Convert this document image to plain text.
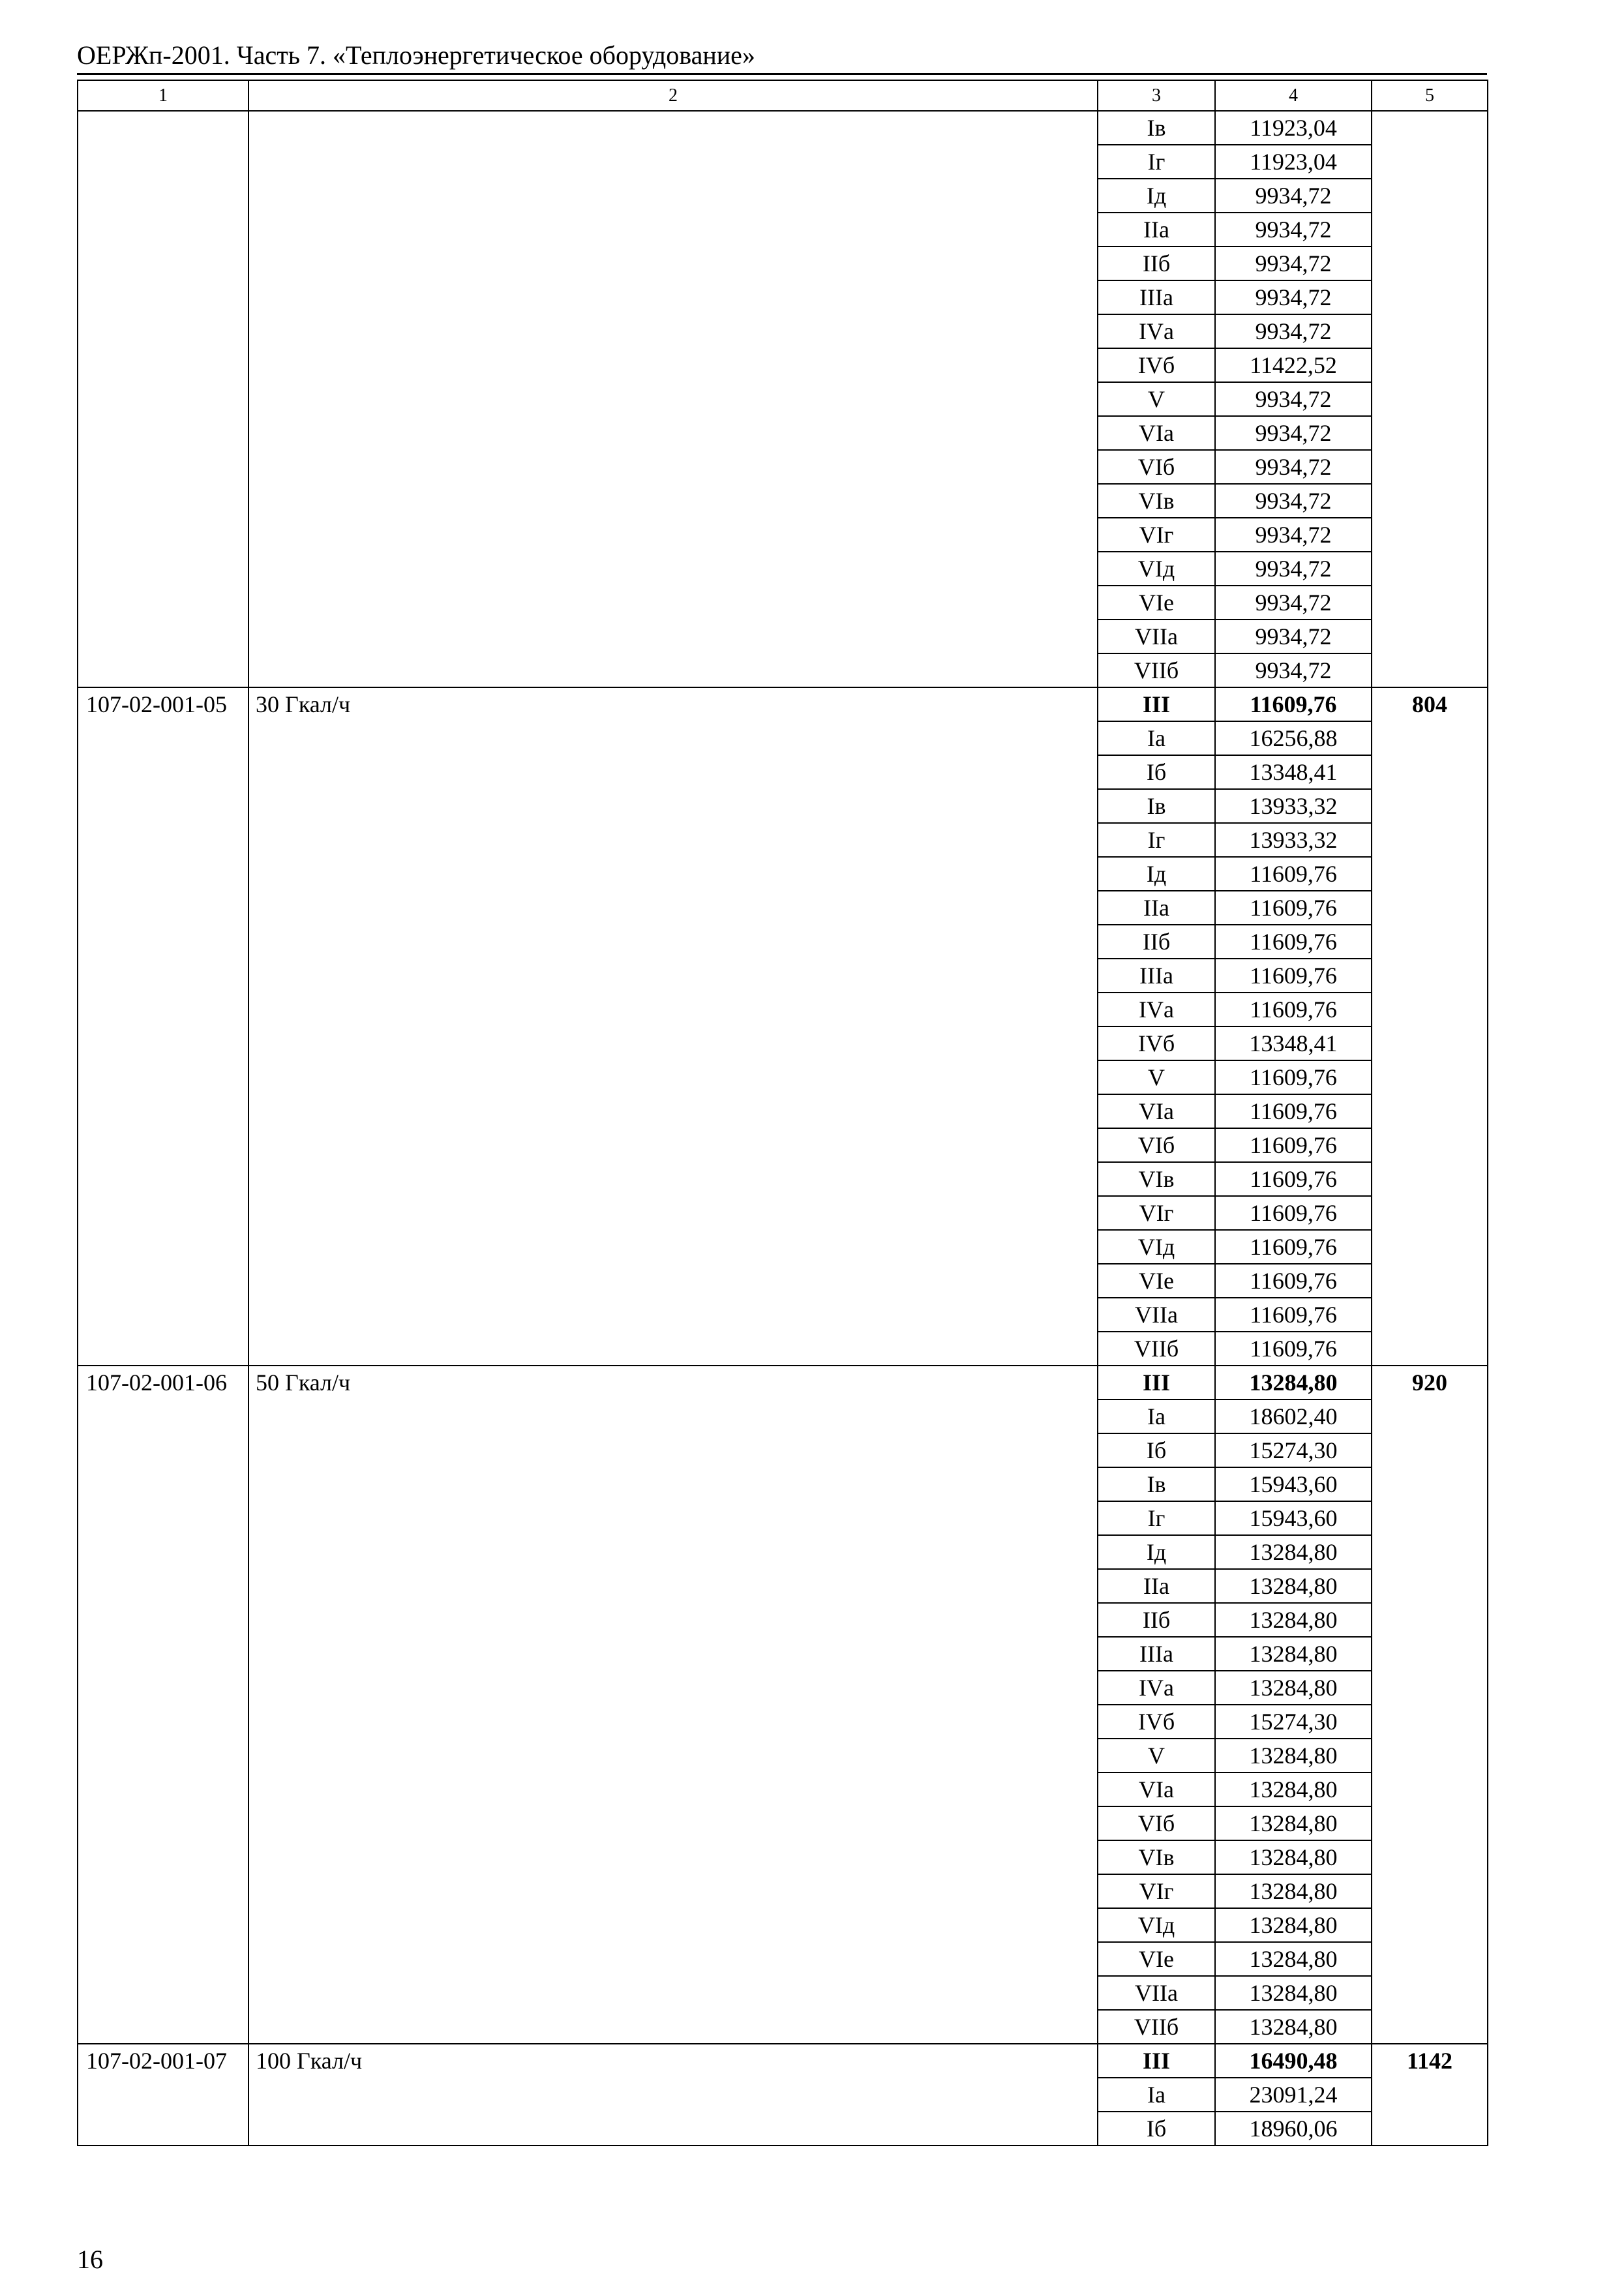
ОЕРЖп-2001. Часть 7. «Теплоэнергетическое оборудование»
1	2	3	4	5
		Iв	11923,04	
		Iг	11923,04	
		Iд	9934,72	
		IIа	9934,72	
		IIб	9934,72	
		IIIа	9934,72	
		IVа	9934,72	
		IVб	11422,52	
		V	9934,72	
		VIа	9934,72	
		VIб	9934,72	
		VIв	9934,72	
		VIг	9934,72	
		VIд	9934,72	
		VIе	9934,72	
		VIIа	9934,72	
		VIIб	9934,72	
107-02-001-05	30 Гкал/ч	III	11609,76	804
		Iа	16256,88	
		Iб	13348,41	
		Iв	13933,32	
		Iг	13933,32	
		Iд	11609,76	
		IIа	11609,76	
		IIб	11609,76	
		IIIа	11609,76	
		IVа	11609,76	
		IVб	13348,41	
		V	11609,76	
		VIа	11609,76	
		VIб	11609,76	
		VIв	11609,76	
		VIг	11609,76	
		VIд	11609,76	
		VIе	11609,76	
		VIIа	11609,76	
		VIIб	11609,76	
107-02-001-06	50 Гкал/ч	III	13284,80	920
		Iа	18602,40	
		Iб	15274,30	
		Iв	15943,60	
		Iг	15943,60	
		Iд	13284,80	
		IIа	13284,80	
		IIб	13284,80	
		IIIа	13284,80	
		IVа	13284,80	
		IVб	15274,30	
		V	13284,80	
		VIа	13284,80	
		VIб	13284,80	
		VIв	13284,80	
		VIг	13284,80	
		VIд	13284,80	
		VIе	13284,80	
		VIIа	13284,80	
		VIIб	13284,80	
107-02-001-07	100 Гкал/ч	III	16490,48	1142
		Iа	23091,24	
		Iб	18960,06	
16
